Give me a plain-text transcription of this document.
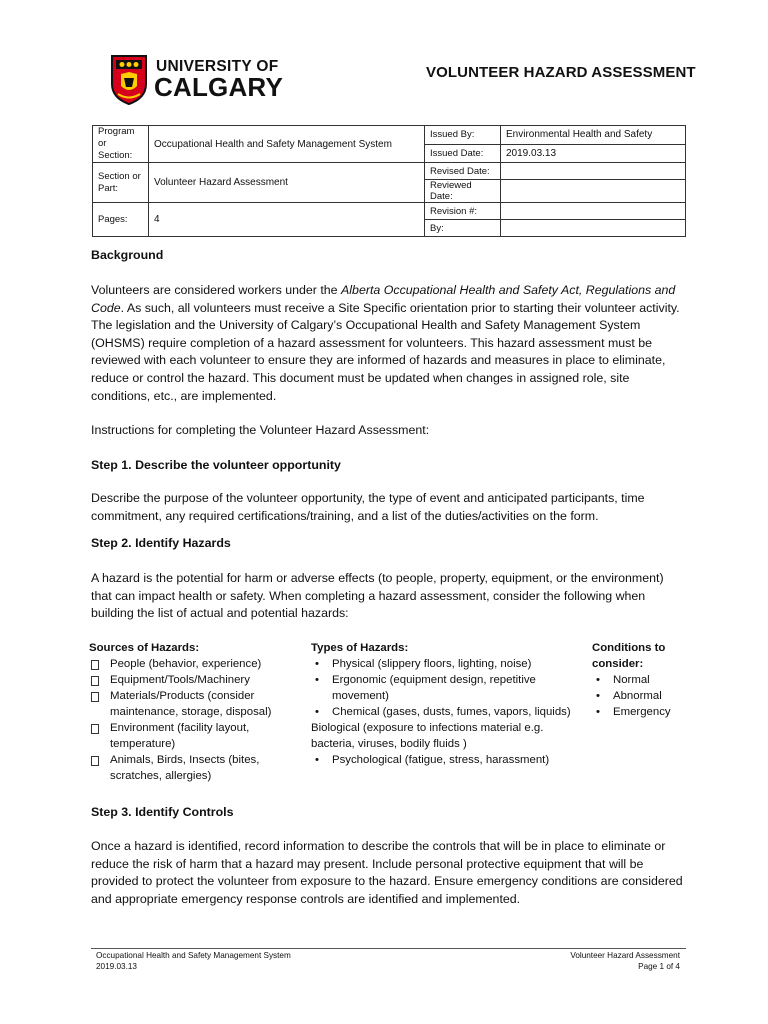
UNIVERSITY OF
CALGARY	VOLUNTEER HAZARD ASSESSMENT
Program or Section:	Occupational Health and Safety Management System	Issued By:	Environmental Health and Safety
		Issued Date:	2019.03.13
Section or Part:	Volunteer Hazard Assessment	Revised Date:	
		Reviewed Date:	
Pages:	4	Revision #:	
		By:	
Background
Volunteers are considered workers under the Alberta Occupational Health and Safety Act, Regulations and Code. As such, all volunteers must receive a Site Specific orientation prior to starting their volunteer activity. The legislation and the University of Calgary’s Occupational Health and Safety Management System (OHSMS) require completion of a hazard assessment for volunteers. This hazard assessment must be reviewed with each volunteer to ensure they are informed of hazards and measures in place to eliminate, reduce or control the hazard. This document must be updated when changes in assigned role, site conditions, etc., are implemented.
Instructions for completing the Volunteer Hazard Assessment:
Step 1. Describe the volunteer opportunity
Describe the purpose of the volunteer opportunity, the type of event and anticipated participants, time commitment, any required certifications/training, and a list of the duties/activities on the form.
Step 2. Identify Hazards
A hazard is the potential for harm or adverse effects (to people, property, equipment, or the environment) that can impact health or safety. When completing a hazard assessment, consider the following when building the list of actual and potential hazards:
Sources of Hazards:
People (behavior, experience)
Equipment/Tools/Machinery
Materials/Products (consider maintenance, storage, disposal)
Environment (facility layout, temperature)
Animals, Birds, Insects (bites, scratches, allergies)
Types of Hazards:
•	Physical (slippery floors, lighting, noise)
•	Ergonomic (equipment design, repetitive movement)
•	Chemical (gases, dusts, fumes, vapors, liquids)
Biological (exposure to infections material e.g. bacteria, viruses, bodily fluids )
•	Psychological (fatigue, stress, harassment)
Conditions to consider:
•	Normal
•	Abnormal
•	Emergency
Step 3. Identify Controls
Once a hazard is identified, record information to describe the controls that will be in place to eliminate or reduce the risk of harm that a hazard may present. Include personal protective equipment that will be provided to protect the volunteer from exposure to the hazard. Ensure emergency conditions are considered and appropriate emergency response controls are identified and implemented.
Occupational Health and Safety Management System
2019.03.13
Volunteer Hazard Assessment
Page 1 of 4
